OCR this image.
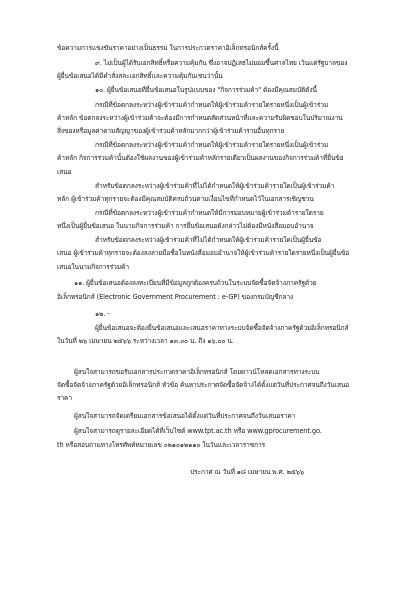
ข้อความการแข่งขันราคาอย่างเป็นธรรม ในการประกวดราคาอิเล็กทรอนิกส์ครั้งนี้
๙. ไม่เป็นผู้ได้รับเอกสิทธิ์หรือความคุ้มกัน ซึ่งอาจปฏิเสธไม่ยอมขึ้นศาลไทย เว้นแต่รัฐบาลของ
ผู้ยื่นข้อเสนอได้มีคำสั่งสละเอกสิทธิ์และความคุ้มกันเช่นว่านั้น
๑๐. ผู้ยื่นข้อเสนอที่ยื่นข้อเสนอในรูปแบบของ "กิจการร่วมค้า" ต้องมีคุณสมบัติดังนี้
กรณีที่ข้อตกลงระหว่างผู้เข้าร่วมค้ากำหนดให้ผู้เข้าร่วมค้ารายใดรายหนึ่งเป็นผู้เข้าร่วม
ค้าหลัก ข้อตกลงระหว่างผู้เข้าร่วมค้าจะต้องมีการกำหนดสัดส่วนหน้าที่และความรับผิดชอบในปริมาณงาน
สิ่งของหรือมูลค่าตามสัญญาของผู้เข้าร่วมค้าหลักมากกว่าผู้เข้าร่วมค้ารายอื่นทุกราย
กรณีที่ข้อตกลงระหว่างผู้เข้าร่วมค้ากำหนดให้ผู้เข้าร่วมค้ารายใดรายหนึ่งเป็นผู้เข้าร่วม
ค้าหลัก กิจการร่วมค้านั้นต้องใช้ผลงานของผู้เข้าร่วมค้าหลักรายเดียวเป็นผลงานของกิจการร่วมค้าที่ยื่นข้อ
เสนอ
สำหรับข้อตกลงระหว่างผู้เข้าร่วมค้าที่ไม่ได้กำหนดให้ผู้เข้าร่วมค้ารายใดเป็นผู้เข้าร่วมค้า
หลัก ผู้เข้าร่วมค้าทุกรายจะต้องมีคุณสมบัติครบถ้วนตามเงื่อนไขที่กำหนดไว้ในเอกสารเชิญชวน
กรณีที่ข้อตกลงระหว่างผู้เข้าร่วมค้ากำหนดให้มีการมอบหมายผู้เข้าร่วมค้ารายใดราย
หนึ่งเป็นผู้ยื่นข้อเสนอ ในนามกิจการร่วมค้า การยื่นข้อเสนอดังกล่าวไม่ต้องมีหนังสือมอบอำนาจ
สำหรับข้อตกลงระหว่างผู้เข้าร่วมค้าที่ไม่ได้กำหนดให้ผู้เข้าร่วมค้ารายใดเป็นผู้ยื่นข้อ
เสนอ ผู้เข้าร่วมค้าทุกรายจะต้องลงลายมือชื่อในหนังสือมอบอำนาจให้ผู้เข้าร่วมค้ารายใดรายหนึ่งเป็นผู้ยื่นข้อ
เสนอในนามกิจการร่วมค้า
๑๑. ผู้ยื่นข้อเสนอต้องลงทะเบียนที่มีข้อมูลถูกต้องครบถ้วนในระบบจัดซื้อจัดจ้างภาครัฐด้วย
อิเล็กทรอนิกส์ (Electronic Government Procurement : e-GP) ของกรมบัญชีกลาง
๑๒. -
ผู้ยื่นข้อเสนอจะต้องยื่นข้อเสนอและเสนอราคาทางระบบจัดซื้อจัดจ้างภาครัฐด้วยอิเล็กทรอนิกส์
ในวันที่ ๒๖ เมษายน ๒๕๖๖ ระหว่างเวลา ๑๓.๐๐ น. ถึง ๑๖.๐๐ น.
ผู้สนใจสามารถขอรับเอกสารประกวดราคาอิเล็กทรอนิกส์ โดยดาวน์โหลดเอกสารทางระบบ
จัดซื้อจัดจ้างภาครัฐด้วยอิเล็กทรอนิกส์ หัวข้อ ค้นหาประกาศจัดซื้อจัดจ้างได้ตั้งแต่วันที่ประกาศจนถึงวันเสนอ
ราคา
ผู้สนใจสามารถจัดเตรียมเอกสารข้อเสนอได้ตั้งแต่วันที่ประกาศจนถึงวันเสนอราคา
ผู้สนใจสามารถดูรายละเอียดได้ที่เว็บไซต์ www.tpt.ac.th หรือ www.gprocurement.go.
th หรือสอบถามทางโทรศัพท์หมายเลข ๐๒๑๐๑๒๑๑๐ ในวันและเวลาราชการ
ประกาศ ณ วันที่ ๑๘ เมษายน พ.ศ. ๒๕๖๖
